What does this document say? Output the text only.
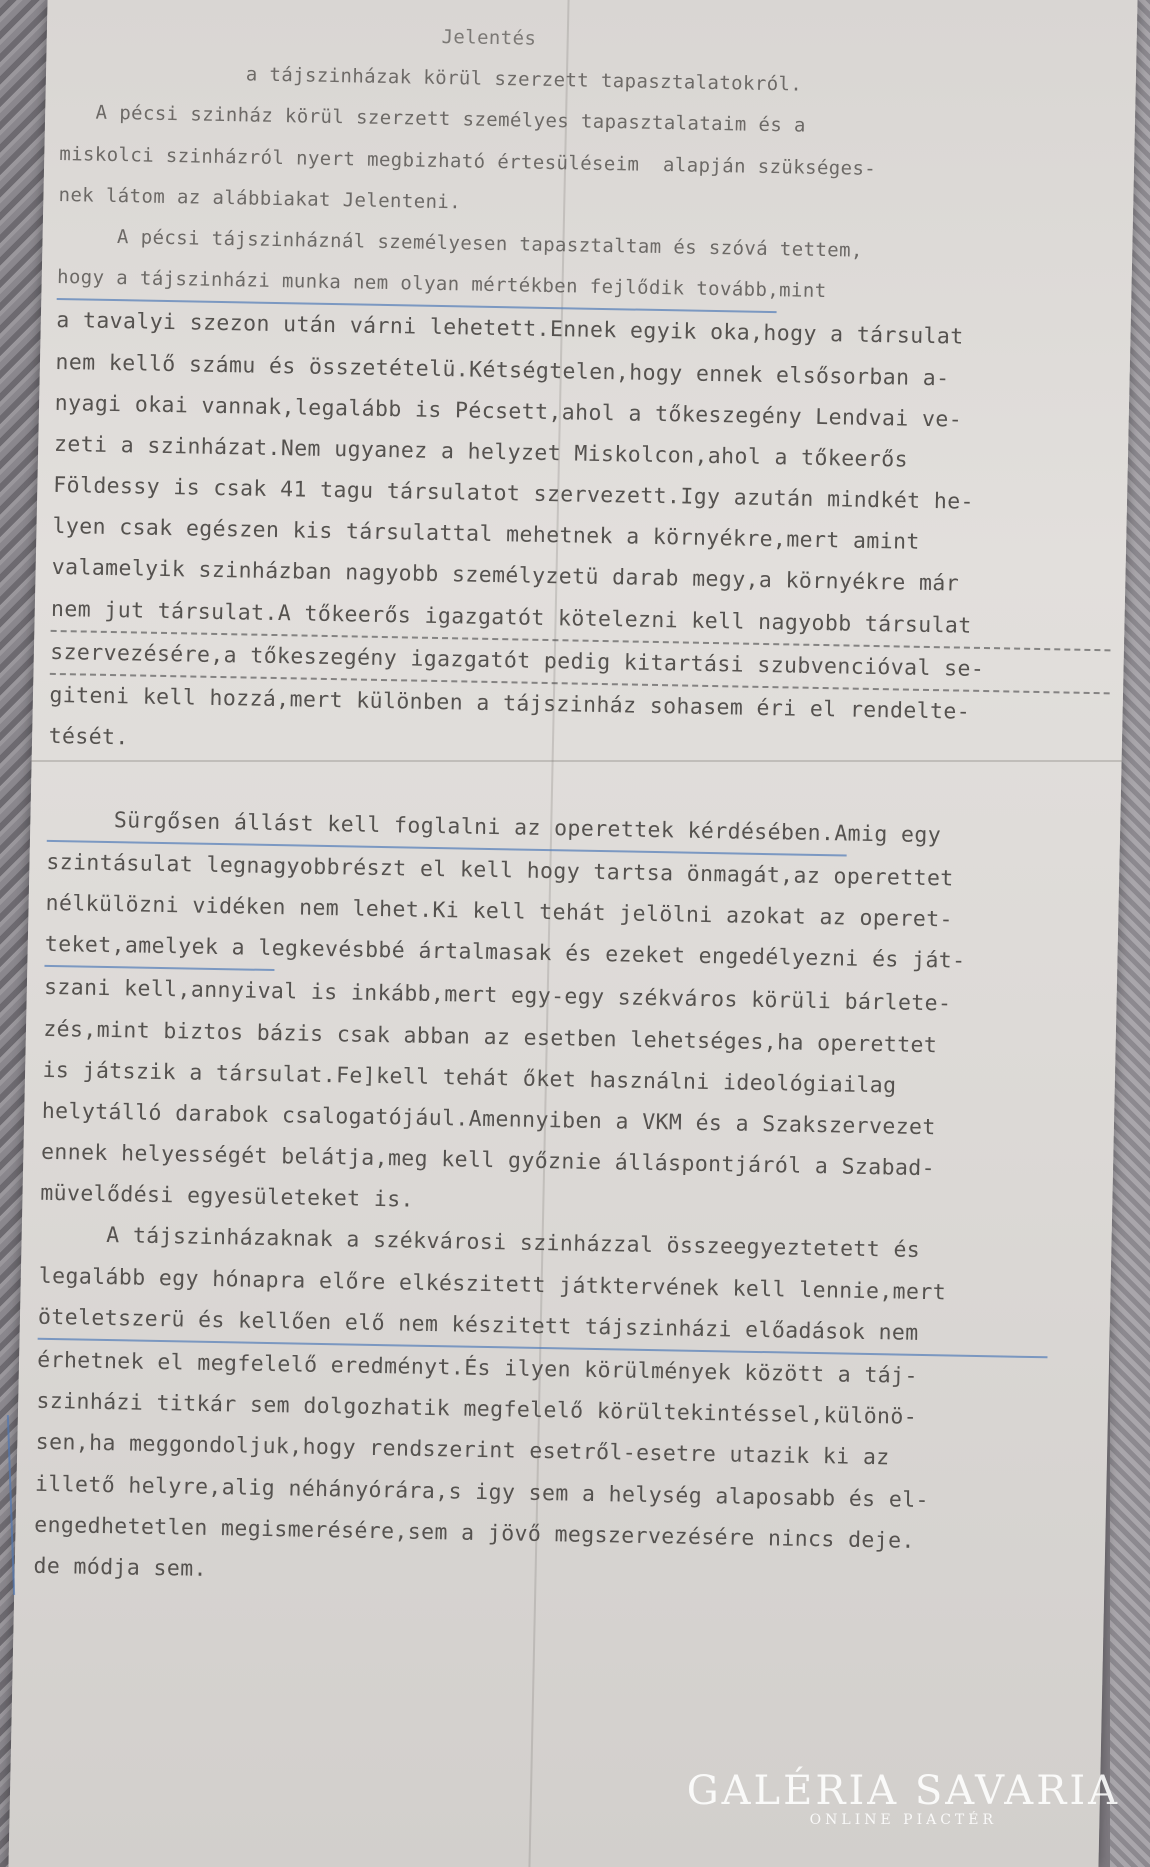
Jelentés
a tájszinházak körül szerzett tapasztalatokról.
A pécsi szinház körül szerzett személyes tapasztalataim és a
miskolci szinházról nyert megbizható értesüléseim  alapján szükséges-
nek látom az alábbiakat Jelenteni.
A pécsi tájszinháznál személyesen tapasztaltam és szóvá tettem,
hogy a tájszinházi munka nem olyan mértékben fejlődik tovább,mint
a tavalyi szezon után várni lehetett.Ennek egyik oka,hogy a társulat
nem kellő számu és összetételü.Kétségtelen,hogy ennek elsősorban a-
nyagi okai vannak,legalább is Pécsett,ahol a tőkeszegény Lendvai ve-
zeti a szinházat.Nem ugyanez a helyzet Miskolcon,ahol a tőkeerős
Földessy is csak 41 tagu társulatot szervezett.Igy azután mindkét he-
lyen csak egészen kis társulattal mehetnek a környékre,mert amint
valamelyik szinházban nagyobb személyzetü darab megy,a környékre már
nem jut társulat.A tőkeerős igazgatót kötelezni kell nagyobb társulat
szervezésére,a tőkeszegény igazgatót pedig kitartási szubvencióval se-
giteni kell hozzá,mert különben a tájszinház sohasem éri el rendelte-
tését.
Sürgősen állást kell foglalni az operettek kérdésében.Amig egy
szintásulat legnagyobbrészt el kell hogy tartsa önmagát,az operettet
nélkülözni vidéken nem lehet.Ki kell tehát jelölni azokat az operet-
teket,amelyek a legkevésbbé ártalmasak és ezeket engedélyezni és ját-
szani kell,annyival is inkább,mert egy-egy székváros körüli bárlete-
zés,mint biztos bázis csak abban az esetben lehetséges,ha operettet
is játszik a társulat.Fe]kell tehát őket használni ideológiailag
helytálló darabok csalogatójául.Amennyiben a VKM és a Szakszervezet
ennek helyességét belátja,meg kell győznie álláspontjáról a Szabad-
müvelődési egyesületeket is.
A tájszinházaknak a székvárosi szinházzal összeegyeztetett és
legalább egy hónapra előre elkészitett játktervének kell lennie,mert
öteletszerü és kellően elő nem készitett tájszinházi előadások nem
érhetnek el megfelelő eredményt.És ilyen körülmények között a táj-
szinházi titkár sem dolgozhatik megfelelő körültekintéssel,különö-
sen,ha meggondoljuk,hogy rendszerint esetről-esetre utazik ki az
illető helyre,alig néhányórára,s igy sem a helység alaposabb és el-
engedhetetlen megismerésére,sem a jövő megszervezésére nincs deje.
de módja sem.
GALÉRIA SAVARIA
ONLINE PIACTÉR
